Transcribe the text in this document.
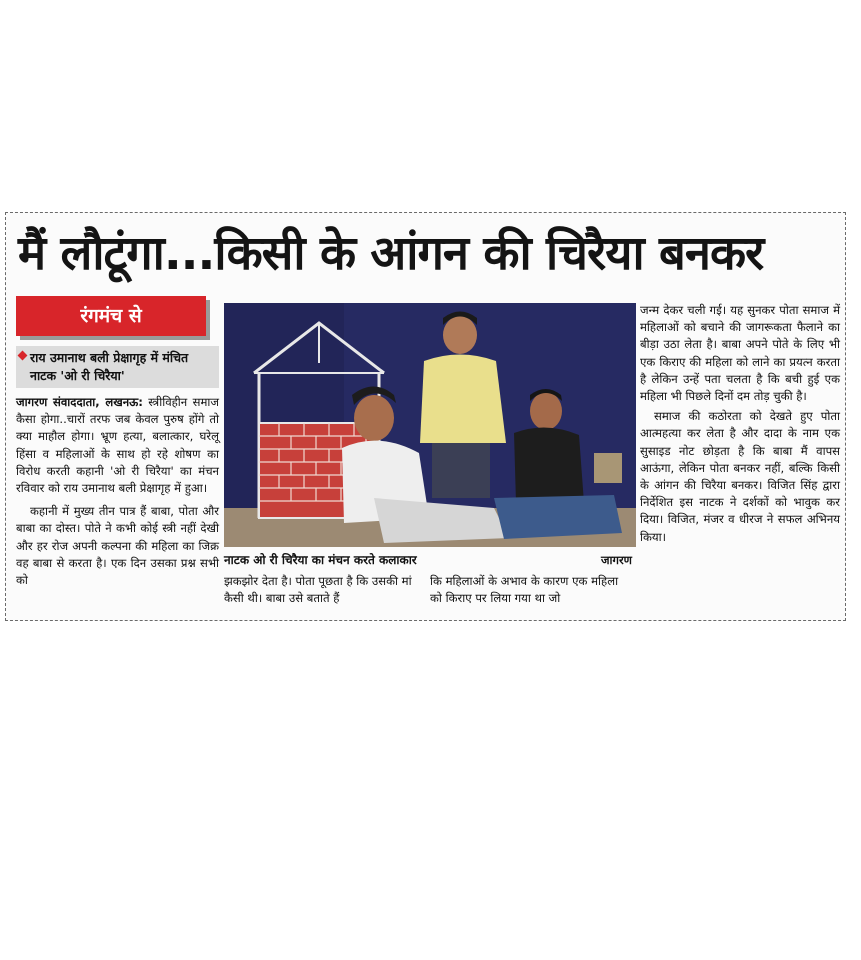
मैं लौटूंगा...किसी के आंगन की चिरैया बनकर
रंगमंच से
राय उमानाथ बली प्रेक्षागृह में मंचित नाटक 'ओ री चिरैया'

जागरण संवाददाता, लखनऊ: स्त्रीविहीन समाज कैसा होगा..चारों तरफ जब केवल पुरुष होंगे तो क्या माहौल होगा। भ्रूण हत्या, बलात्कार, घरेलू हिंसा व महिलाओं के साथ हो रहे शोषण का विरोध करती कहानी 'ओ री चिरैया' का मंचन रविवार को राय उमानाथ बली प्रेक्षागृह में हुआ।

कहानी में मुख्य तीन पात्र हैं बाबा, पोता और बाबा का दोस्त। पोते ने कभी कोई स्त्री नहीं देखी और हर रोज अपनी कल्पना की महिला का जिक्र वह बाबा से करता है। एक दिन उसका प्रश्न सभी को

नाटक ओ री चिरैया का मंचन करते कलाकार	जागरण
झकझोर देता है। पोता पूछता है कि उसकी मां कैसी थी। बाबा उसे बताते हैं
कि महिलाओं के अभाव के कारण एक महिला को किराए पर लिया गया था जो

जन्म देकर चली गई। यह सुनकर पोता समाज में महिलाओं को बचाने की जागरूकता फैलाने का बीड़ा उठा लेता है। बाबा अपने पोते के लिए भी एक किराए की महिला को लाने का प्रयत्न करता है लेकिन उन्हें पता चलता है कि बची हुई एक महिला भी पिछले दिनों दम तोड़ चुकी है।

समाज की कठोरता को देखते हुए पोता आत्महत्या कर लेता है और दादा के नाम एक सुसाइड नोट छोड़ता है कि बाबा मैं वापस आऊंगा, लेकिन पोता बनकर नहीं, बल्कि किसी के आंगन की चिरैया बनकर। विजित सिंह द्वारा निर्देशित इस नाटक ने दर्शकों को भावुक कर दिया। विजित, मंजर व धीरज ने सफल अभिनय किया।
